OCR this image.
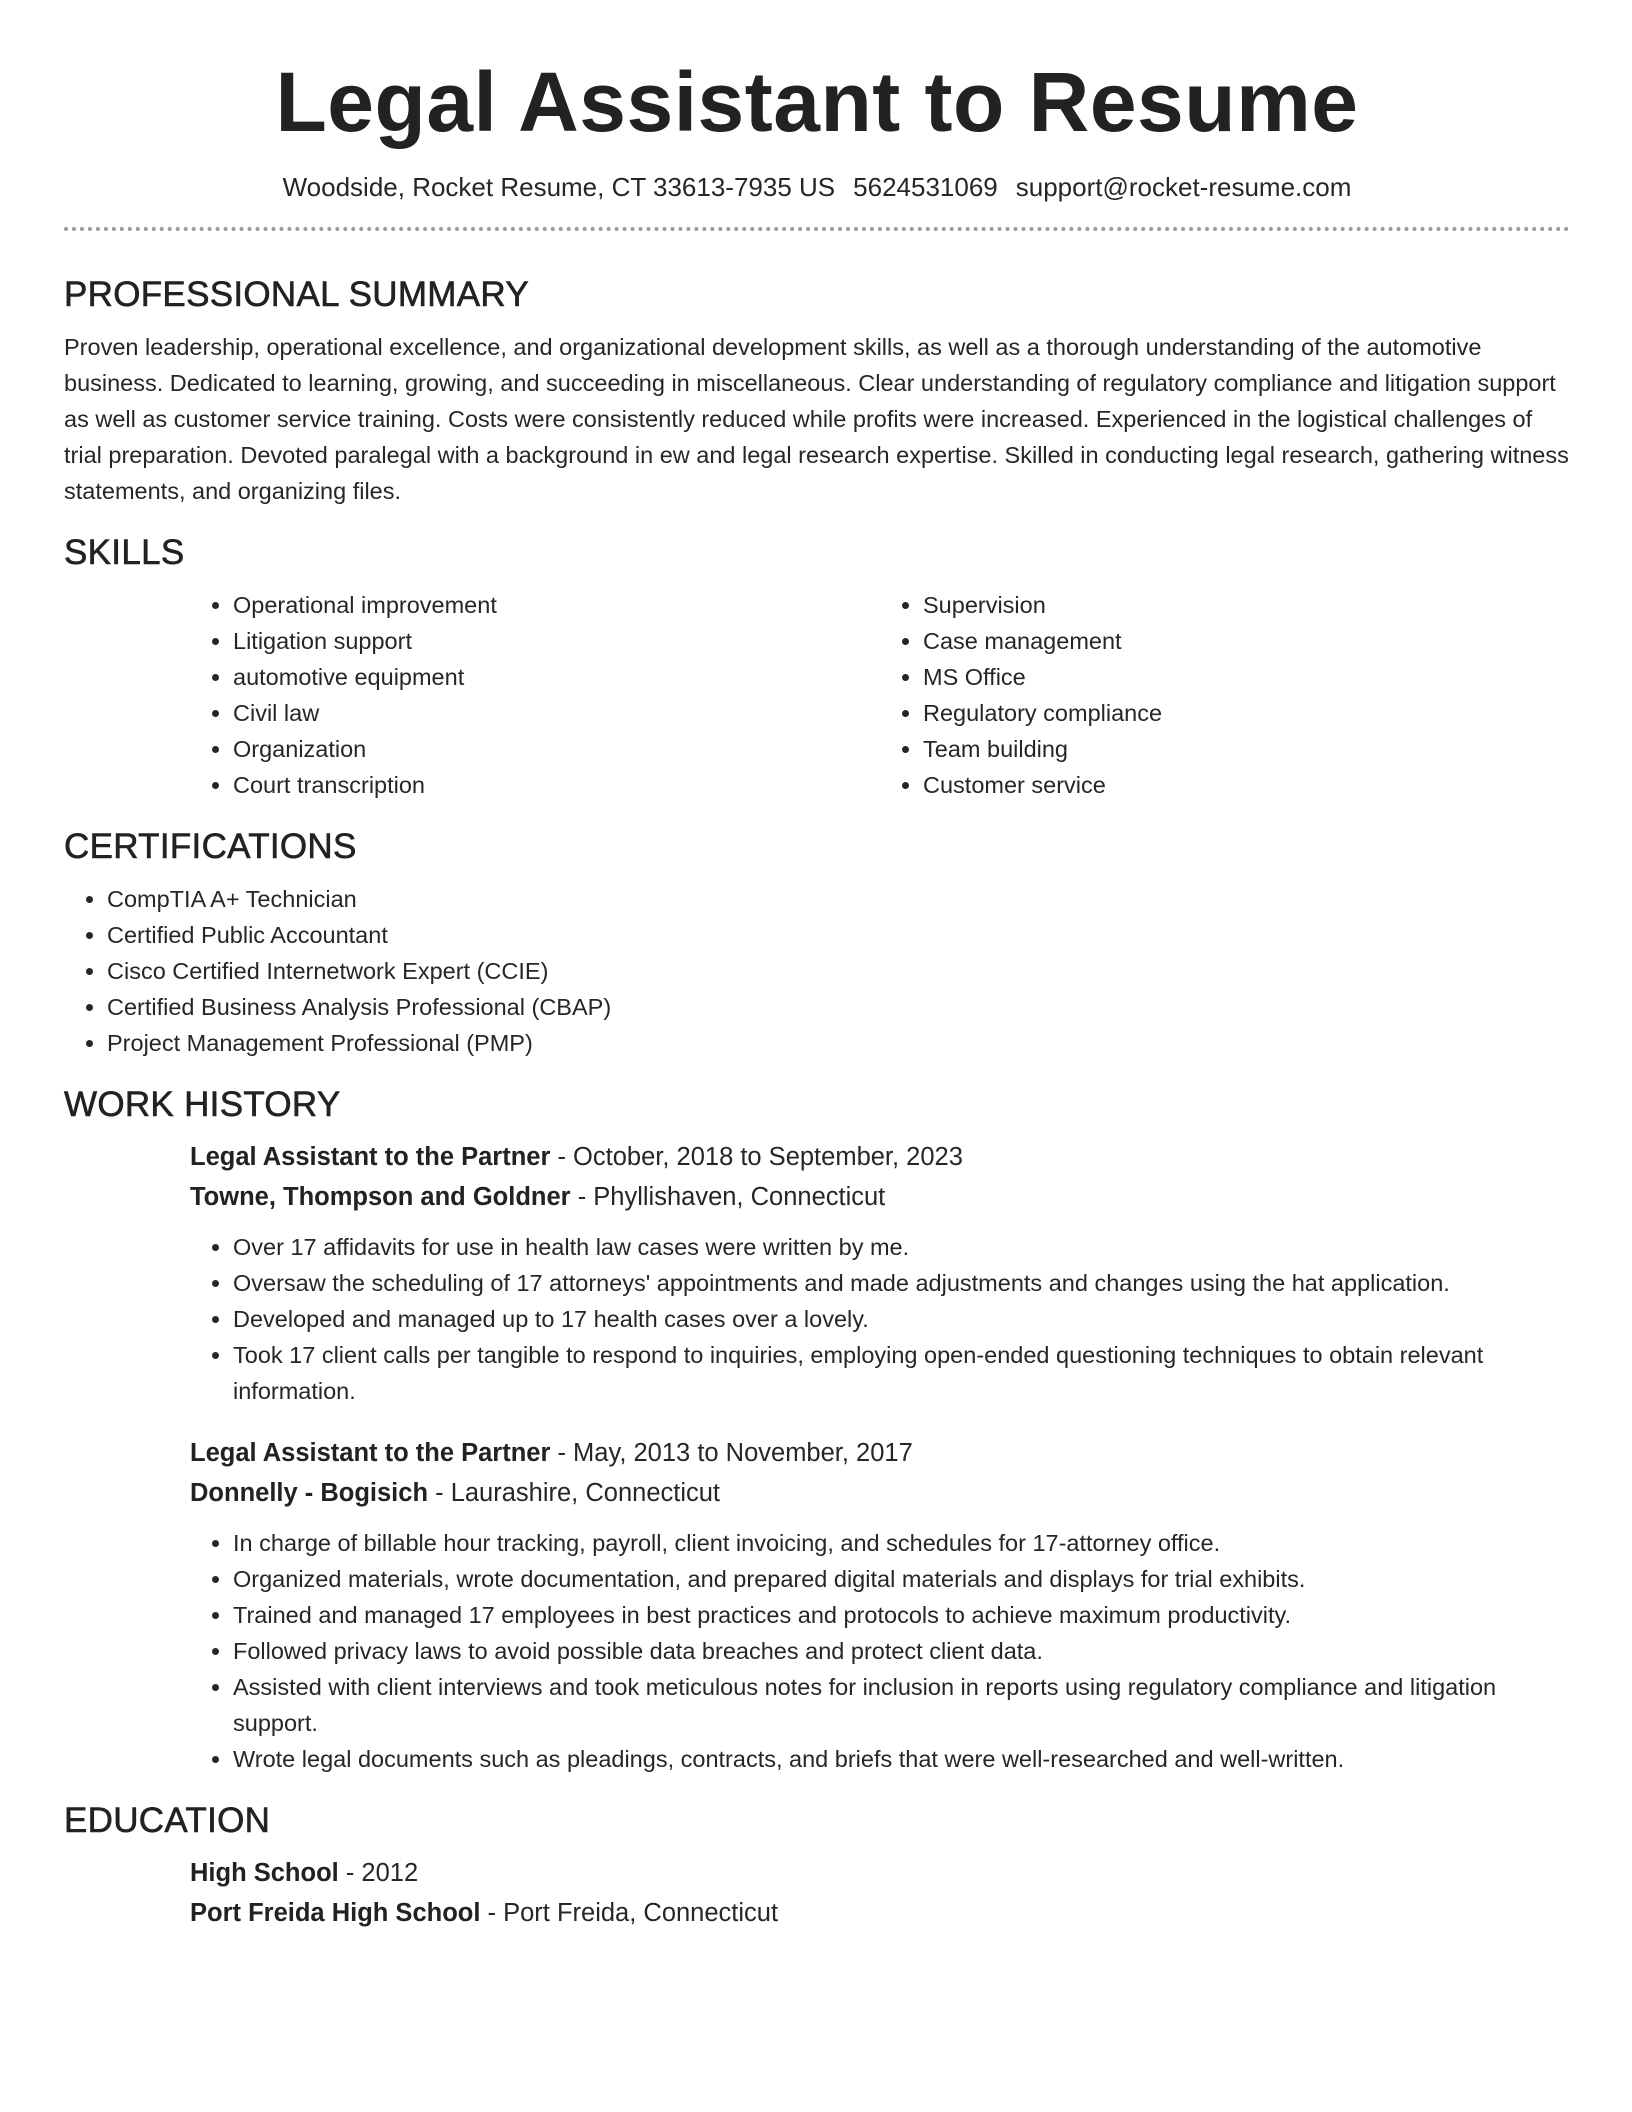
Legal Assistant to Resume
Woodside, Rocket Resume, CT 33613-7935 US 5624531069 support@rocket-resume.com
PROFESSIONAL SUMMARY

Proven leadership, operational excellence, and organizational development skills, as well as a thorough understanding of the automotive business. Dedicated to learning, growing, and succeeding in miscellaneous. Clear understanding of regulatory compliance and litigation support as well as customer service training. Costs were consistently reduced while profits were increased. Experienced in the logistical challenges of trial preparation. Devoted paralegal with a background in ew and legal research expertise. Skilled in conducting legal research, gathering witness statements, and organizing files.

SKILLS
• Operational improvement
• Litigation support
• automotive equipment
• Civil law
• Organization
• Court transcription
• Supervision
• Case management
• MS Office
• Regulatory compliance
• Team building
• Customer service
CERTIFICATIONS
• CompTIA A+ Technician
• Certified Public Accountant
• Cisco Certified Internetwork Expert (CCIE)
• Certified Business Analysis Professional (CBAP)
• Project Management Professional (PMP)
WORK HISTORY
Legal Assistant to the Partner - October, 2018 to September, 2023
Towne, Thompson and Goldner - Phyllishaven, Connecticut
• Over 17 affidavits for use in health law cases were written by me.
• Oversaw the scheduling of 17 attorneys' appointments and made adjustments and changes using the hat application.
• Developed and managed up to 17 health cases over a lovely.
• Took 17 client calls per tangible to respond to inquiries, employing open-ended questioning techniques to obtain relevant information.
Legal Assistant to the Partner - May, 2013 to November, 2017
Donnelly - Bogisich - Laurashire, Connecticut
• In charge of billable hour tracking, payroll, client invoicing, and schedules for 17-attorney office.
• Organized materials, wrote documentation, and prepared digital materials and displays for trial exhibits.
• Trained and managed 17 employees in best practices and protocols to achieve maximum productivity.
• Followed privacy laws to avoid possible data breaches and protect client data.
• Assisted with client interviews and took meticulous notes for inclusion in reports using regulatory compliance and litigation support.
• Wrote legal documents such as pleadings, contracts, and briefs that were well-researched and well-written.
EDUCATION
High School - 2012
Port Freida High School - Port Freida, Connecticut
